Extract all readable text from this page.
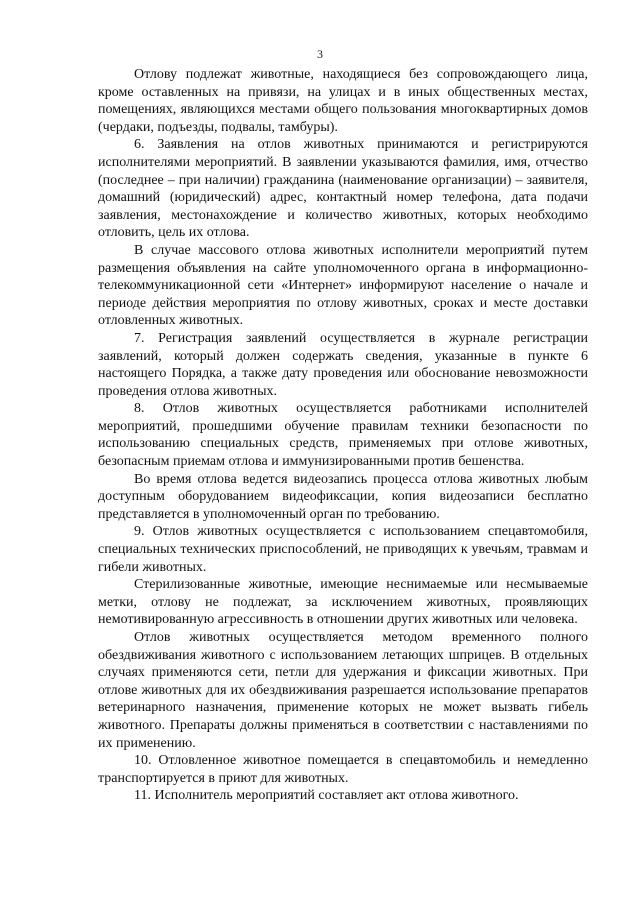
3

Отлову подлежат животные, находящиеся без сопровождающего лица, кроме оставленных на привязи, на улицах и в иных общественных местах, помещениях, являющихся местами общего пользования многоквартирных домов (чердаки, подъезды, подвалы, тамбуры).

6. Заявления на отлов животных принимаются и регистрируются исполнителями мероприятий. В заявлении указываются фамилия, имя, отчество (последнее – при наличии) гражданина (наименование организации) – заявителя, домашний (юридический) адрес, контактный номер телефона, дата подачи заявления, местонахождение и количество животных, которых необходимо отловить, цель их отлова.

В случае массового отлова животных исполнители мероприятий путем размещения объявления на сайте уполномоченного органа в информационно-телекоммуникационной сети «Интернет» информируют население о начале и периоде действия мероприятия по отлову животных, сроках и месте доставки отловленных животных.

7. Регистрация заявлений осуществляется в журнале регистрации заявлений, который должен содержать сведения, указанные в пункте 6 настоящего Порядка, а также дату проведения или обоснование невозможности проведения отлова животных.

8. Отлов животных осуществляется работниками исполнителей мероприятий, прошедшими обучение правилам техники безопасности по использованию специальных средств, применяемых при отлове животных, безопасным приемам отлова и иммунизированными против бешенства.

Во время отлова ведется видеозапись процесса отлова животных любым доступным оборудованием видеофиксации, копия видеозаписи бесплатно представляется в уполномоченный орган по требованию.

9. Отлов животных осуществляется с использованием спецавтомобиля, специальных технических приспособлений, не приводящих к увечьям, травмам и гибели животных.

Стерилизованные животные, имеющие неснимаемые или несмываемые метки, отлову не подлежат, за исключением животных, проявляющих немотивированную агрессивность в отношении других животных или человека.

Отлов животных осуществляется методом временного полного обездвиживания животного с использованием летающих шприцев. В отдельных случаях применяются сети, петли для удержания и фиксации животных. При отлове животных для их обездвиживания разрешается использование препаратов ветеринарного назначения, применение которых не может вызвать гибель животного. Препараты должны применяться в соответствии с наставлениями по их применению.

10. Отловленное животное помещается в спецавтомобиль и немедленно транспортируется в приют для животных.

11. Исполнитель мероприятий составляет акт отлова животного.
